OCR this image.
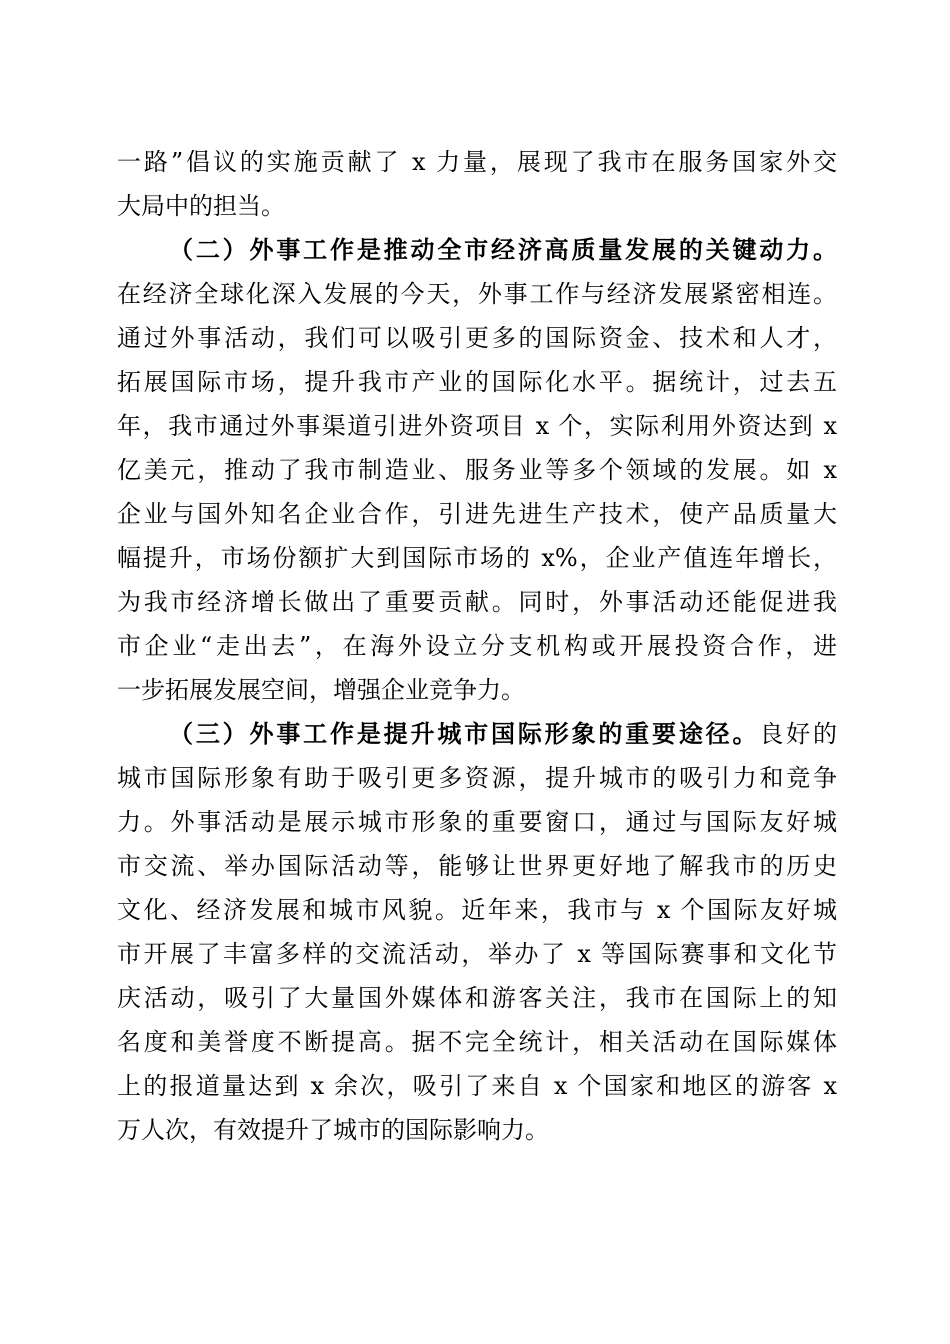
一路”倡议的实施贡献了 x 力量，展现了我市在服务国家外交
大局中的担当。
（二）外事工作是推动全市经济高质量发展的关键动力。
在经济全球化深入发展的今天，外事工作与经济发展紧密相连。
通过外事活动，我们可以吸引更多的国际资金、技术和人才，
拓展国际市场，提升我市产业的国际化水平。据统计，过去五
年，我市通过外事渠道引进外资项目 x 个，实际利用外资达到 x
亿美元，推动了我市制造业、服务业等多个领域的发展。如 x
企业与国外知名企业合作，引进先进生产技术，使产品质量大
幅提升，市场份额扩大到国际市场的 x%，企业产值连年增长，
为我市经济增长做出了重要贡献。同时，外事活动还能促进我
市企业“走出去”，在海外设立分支机构或开展投资合作，进
一步拓展发展空间，增强企业竞争力。
（三）外事工作是提升城市国际形象的重要途径。良好的
城市国际形象有助于吸引更多资源，提升城市的吸引力和竞争
力。外事活动是展示城市形象的重要窗口，通过与国际友好城
市交流、举办国际活动等，能够让世界更好地了解我市的历史
文化、经济发展和城市风貌。近年来，我市与 x 个国际友好城
市开展了丰富多样的交流活动，举办了 x 等国际赛事和文化节
庆活动，吸引了大量国外媒体和游客关注，我市在国际上的知
名度和美誉度不断提高。据不完全统计，相关活动在国际媒体
上的报道量达到 x 余次，吸引了来自 x 个国家和地区的游客 x
万人次，有效提升了城市的国际影响力。
